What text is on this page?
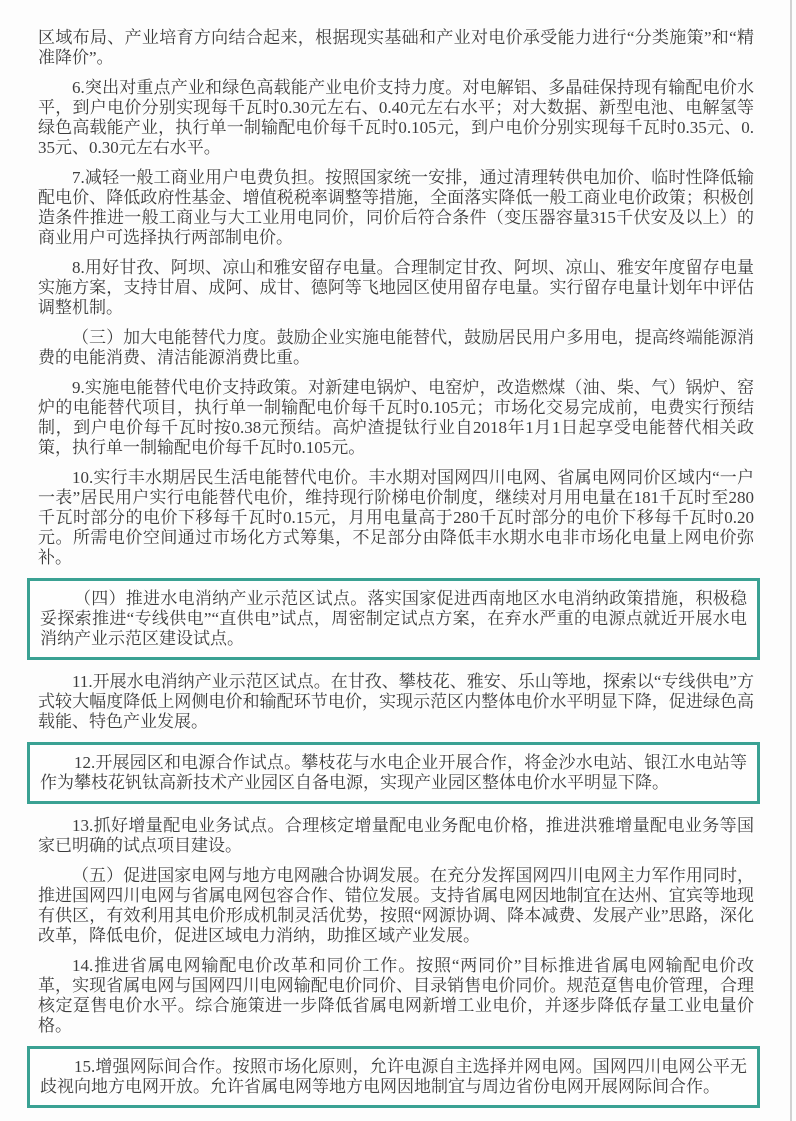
区域布局、产业培育方向结合起来，根据现实基础和产业对电价承受能力进行“分类施策”和“精准降价”。

6.突出对重点产业和绿色高载能产业电价支持力度。对电解铝、多晶硅保持现有输配电价水平，到户电价分别实现每千瓦时0.30元左右、0.40元左右水平；对大数据、新型电池、电解氢等绿色高载能产业，执行单一制输配电价每千瓦时0.105元，到户电价分别实现每千瓦时0.35元、0.35元、0.30元左右水平。

7.减轻一般工商业用户电费负担。按照国家统一安排，通过清理转供电加价、临时性降低输配电价、降低政府性基金、增值税税率调整等措施，全面落实降低一般工商业电价政策；积极创造条件推进一般工商业与大工业用电同价，同价后符合条件（变压器容量315千伏安及以上）的商业用户可选择执行两部制电价。

8.用好甘孜、阿坝、凉山和雅安留存电量。合理制定甘孜、阿坝、凉山、雅安年度留存电量实施方案，支持甘眉、成阿、成甘、德阿等飞地园区使用留存电量。实行留存电量计划年中评估调整机制。

（三）加大电能替代力度。鼓励企业实施电能替代，鼓励居民用户多用电，提高终端能源消费的电能消费、清洁能源消费比重。

9.实施电能替代电价支持政策。对新建电锅炉、电窑炉，改造燃煤（油、柴、气）锅炉、窑炉的电能替代项目，执行单一制输配电价每千瓦时0.105元；市场化交易完成前，电费实行预结制，到户电价每千瓦时按0.38元预结。高炉渣提钛行业自2018年1月1日起享受电能替代相关政策，执行单一制输配电价每千瓦时0.105元。

10.实行丰水期居民生活电能替代电价。丰水期对国网四川电网、省属电网同价区域内“一户一表”居民用户实行电能替代电价，维持现行阶梯电价制度，继续对月用电量在181千瓦时至280千瓦时部分的电价下移每千瓦时0.15元，月用电量高于280千瓦时部分的电价下移每千瓦时0.20元。所需电价空间通过市场化方式筹集，不足部分由降低丰水期水电非市场化电量上网电价弥补。

（四）推进水电消纳产业示范区试点。落实国家促进西南地区水电消纳政策措施，积极稳妥探索推进“专线供电”“直供电”试点，周密制定试点方案，在弃水严重的电源点就近开展水电消纳产业示范区建设试点。

11.开展水电消纳产业示范区试点。在甘孜、攀枝花、雅安、乐山等地，探索以“专线供电”方式较大幅度降低上网侧电价和输配环节电价，实现示范区内整体电价水平明显下降，促进绿色高载能、特色产业发展。

12.开展园区和电源合作试点。攀枝花与水电企业开展合作，将金沙水电站、银江水电站等作为攀枝花钒钛高新技术产业园区自备电源，实现产业园区整体电价水平明显下降。

13.抓好增量配电业务试点。合理核定增量配电业务配电价格，推进洪雅增量配电业务等国家已明确的试点项目建设。

（五）促进国家电网与地方电网融合协调发展。在充分发挥国网四川电网主力军作用同时，推进国网四川电网与省属电网包容合作、错位发展。支持省属电网因地制宜在达州、宜宾等地现有供区，有效利用其电价形成机制灵活优势，按照“网源协调、降本减费、发展产业”思路，深化改革，降低电价，促进区域电力消纳，助推区域产业发展。

14.推进省属电网输配电价改革和同价工作。按照“两同价”目标推进省属电网输配电价改革，实现省属电网与国网四川电网输配电价同价、目录销售电价同价。规范趸售电价管理，合理核定趸售电价水平。综合施策进一步降低省属电网新增工业电价，并逐步降低存量工业电量价格。

15.增强网际间合作。按照市场化原则，允许电源自主选择并网电网。国网四川电网公平无歧视向地方电网开放。允许省属电网等地方电网因地制宜与周边省份电网开展网际间合作。
